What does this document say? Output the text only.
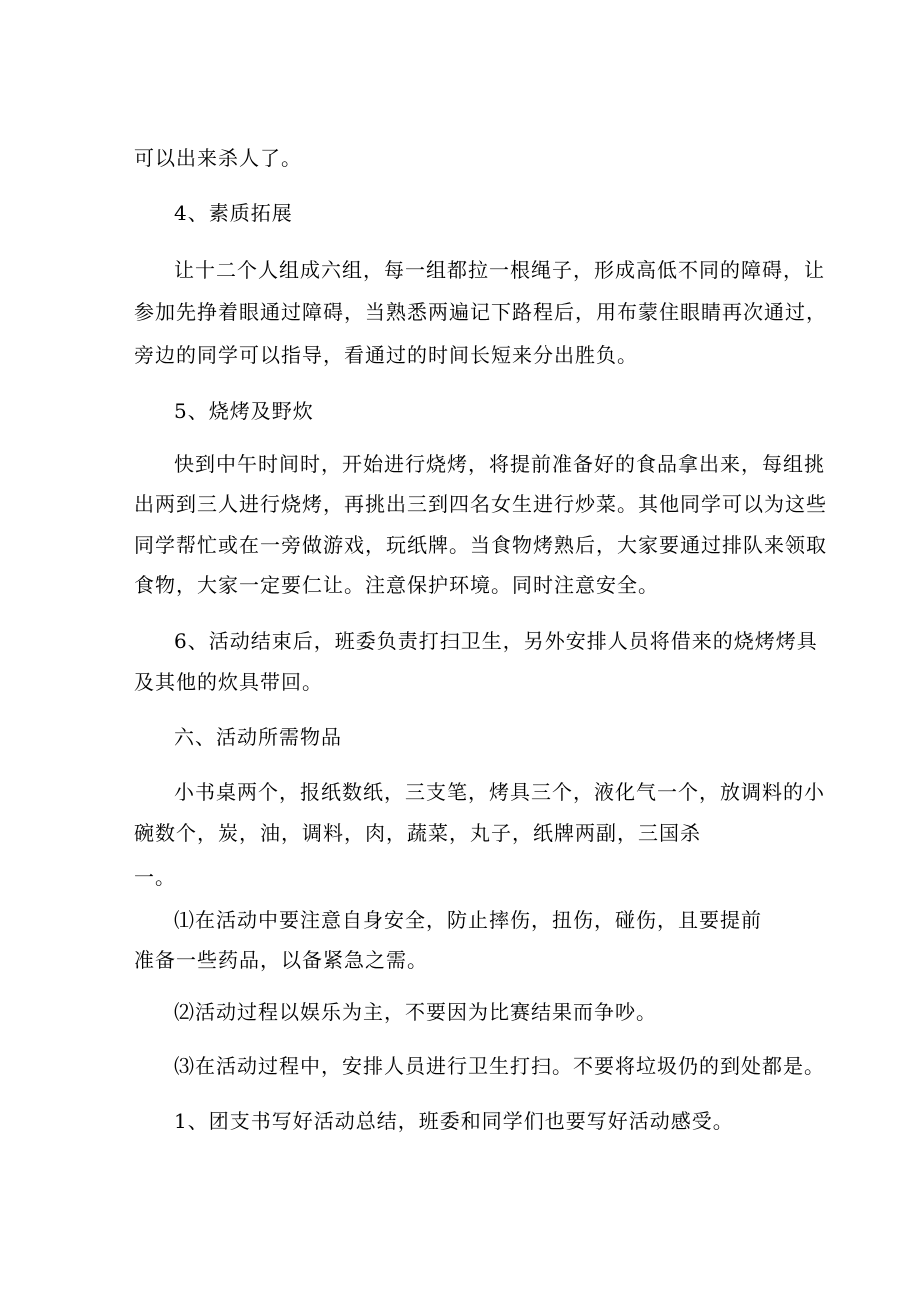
可以出来杀人了。

4、素质拓展

让十二个人组成六组，每一组都拉一根绳子，形成高低不同的障碍，让

参加先挣着眼通过障碍，当熟悉两遍记下路程后，用布蒙住眼睛再次通过，

旁边的同学可以指导，看通过的时间长短来分出胜负。

5、烧烤及野炊

快到中午时间时，开始进行烧烤，将提前准备好的食品拿出来，每组挑

出两到三人进行烧烤，再挑出三到四名女生进行炒菜。其他同学可以为这些

同学帮忙或在一旁做游戏，玩纸牌。当食物烤熟后，大家要通过排队来领取

食物，大家一定要仁让。注意保护环境。同时注意安全。

6、活动结束后，班委负责打扫卫生，另外安排人员将借来的烧烤烤具

及其他的炊具带回。

六、活动所需物品

小书桌两个，报纸数纸，三支笔，烤具三个，液化气一个，放调料的小

碗数个，炭，油，调料，肉，蔬菜，丸子，纸牌两副，三国杀

一。

⑴在活动中要注意自身安全，防止摔伤，扭伤，碰伤，且要提前

准备一些药品，以备紧急之需。

⑵活动过程以娱乐为主，不要因为比赛结果而争吵。

⑶在活动过程中，安排人员进行卫生打扫。不要将垃圾仍的到处都是。

1、团支书写好活动总结，班委和同学们也要写好活动感受。
